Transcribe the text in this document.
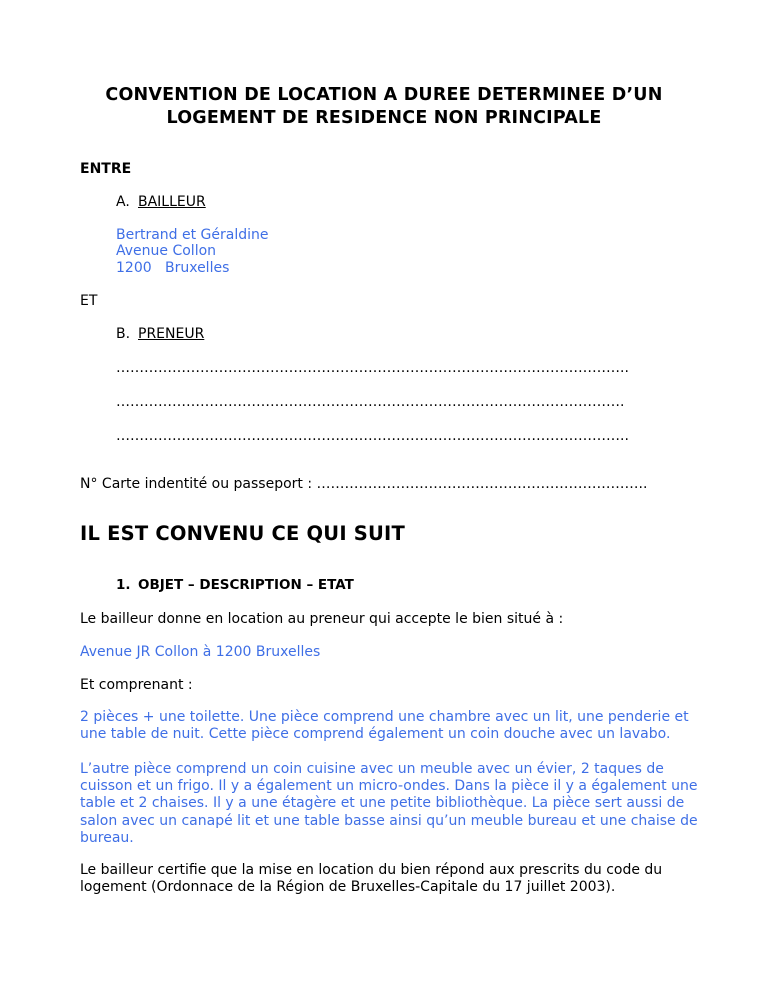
CONVENTION DE LOCATION A DUREE DETERMINEE D’UN
LOGEMENT DE RESIDENCE NON PRINCIPALE
ENTRE
A. BAILLEUR
Bertrand et Géraldine
Avenue Collon
1200   Bruxelles
ET
B. PRENEUR
………………………………………………………………………………………………..
……………………………………………………………………………………………….
………………………………………………………………………………………………..
N° Carte indentité ou passeport : ……………………………………………………………..
IL EST CONVENU CE QUI SUIT
1. OBJET – DESCRIPTION – ETAT
Le bailleur donne en location au preneur qui accepte le bien situé à :
Avenue JR Collon à 1200 Bruxelles
Et comprenant :
2 pièces + une toilette. Une pièce comprend une chambre avec un lit, une penderie et une table de nuit. Cette pièce comprend également un coin douche avec un lavabo.
L’autre pièce comprend un coin cuisine avec un meuble avec un évier, 2 taques de cuisson et un frigo. Il y a également un micro-ondes. Dans la pièce il y a également une table et 2 chaises. Il y a une étagère et une petite bibliothèque. La pièce sert aussi de salon avec un canapé lit et une table basse ainsi qu’un meuble bureau et une chaise de bureau.
Le bailleur certifie que la mise en location du bien répond aux prescrits du code du logement (Ordonnace de la Région de Bruxelles-Capitale du 17 juillet 2003).
